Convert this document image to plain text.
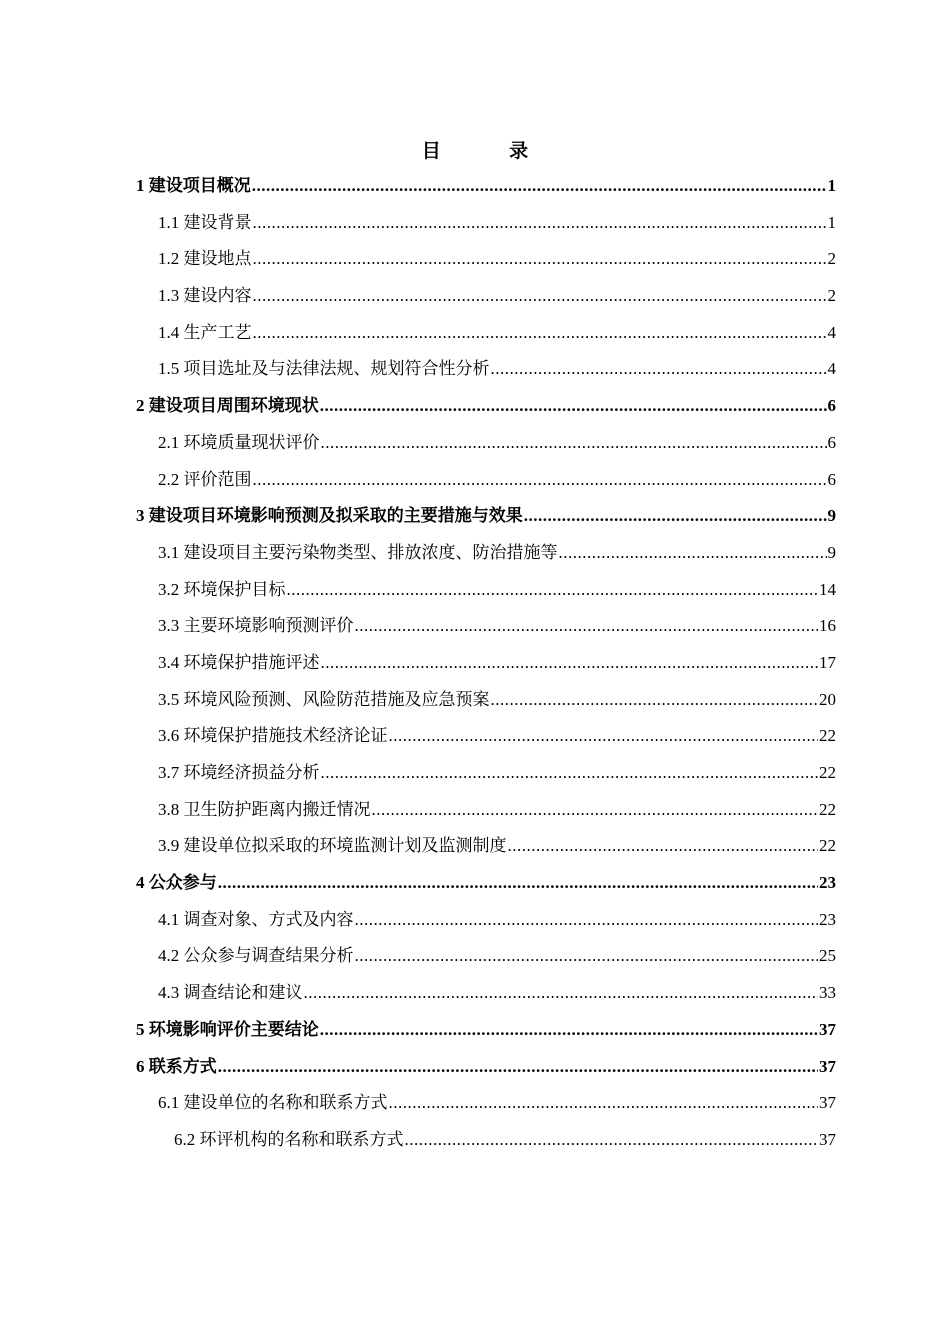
目　录
1 建设项目概况 .....	1
1.1 建设背景 .....	1
1.2 建设地点 .....	2
1.3 建设内容 .....	2
1.4 生产工艺 .....	4
1.5 项目选址及与法律法规、规划符合性分析 .....	4
2 建设项目周围环境现状 .....	6
2.1 环境质量现状评价 .....	6
2.2 评价范围 .....	6
3 建设项目环境影响预测及拟采取的主要措施与效果 .....	9
3.1 建设项目主要污染物类型、排放浓度、防治措施等 .....	9
3.2 环境保护目标 .....	14
3.3 主要环境影响预测评价 .....	16
3.4 环境保护措施评述 .....	17
3.5 环境风险预测、风险防范措施及应急预案 .....	20
3.6 环境保护措施技术经济论证 .....	22
3.7 环境经济损益分析 .....	22
3.8 卫生防护距离内搬迁情况 .....	22
3.9 建设单位拟采取的环境监测计划及监测制度 .....	22
4 公众参与 .....	23
4.1 调查对象、方式及内容 .....	23
4.2 公众参与调查结果分析 .....	25
4.3 调查结论和建议 .....	33
5 环境影响评价主要结论 .....	37
6 联系方式 .....	37
6.1 建设单位的名称和联系方式 .....	37
6.2 环评机构的名称和联系方式 .....	37
